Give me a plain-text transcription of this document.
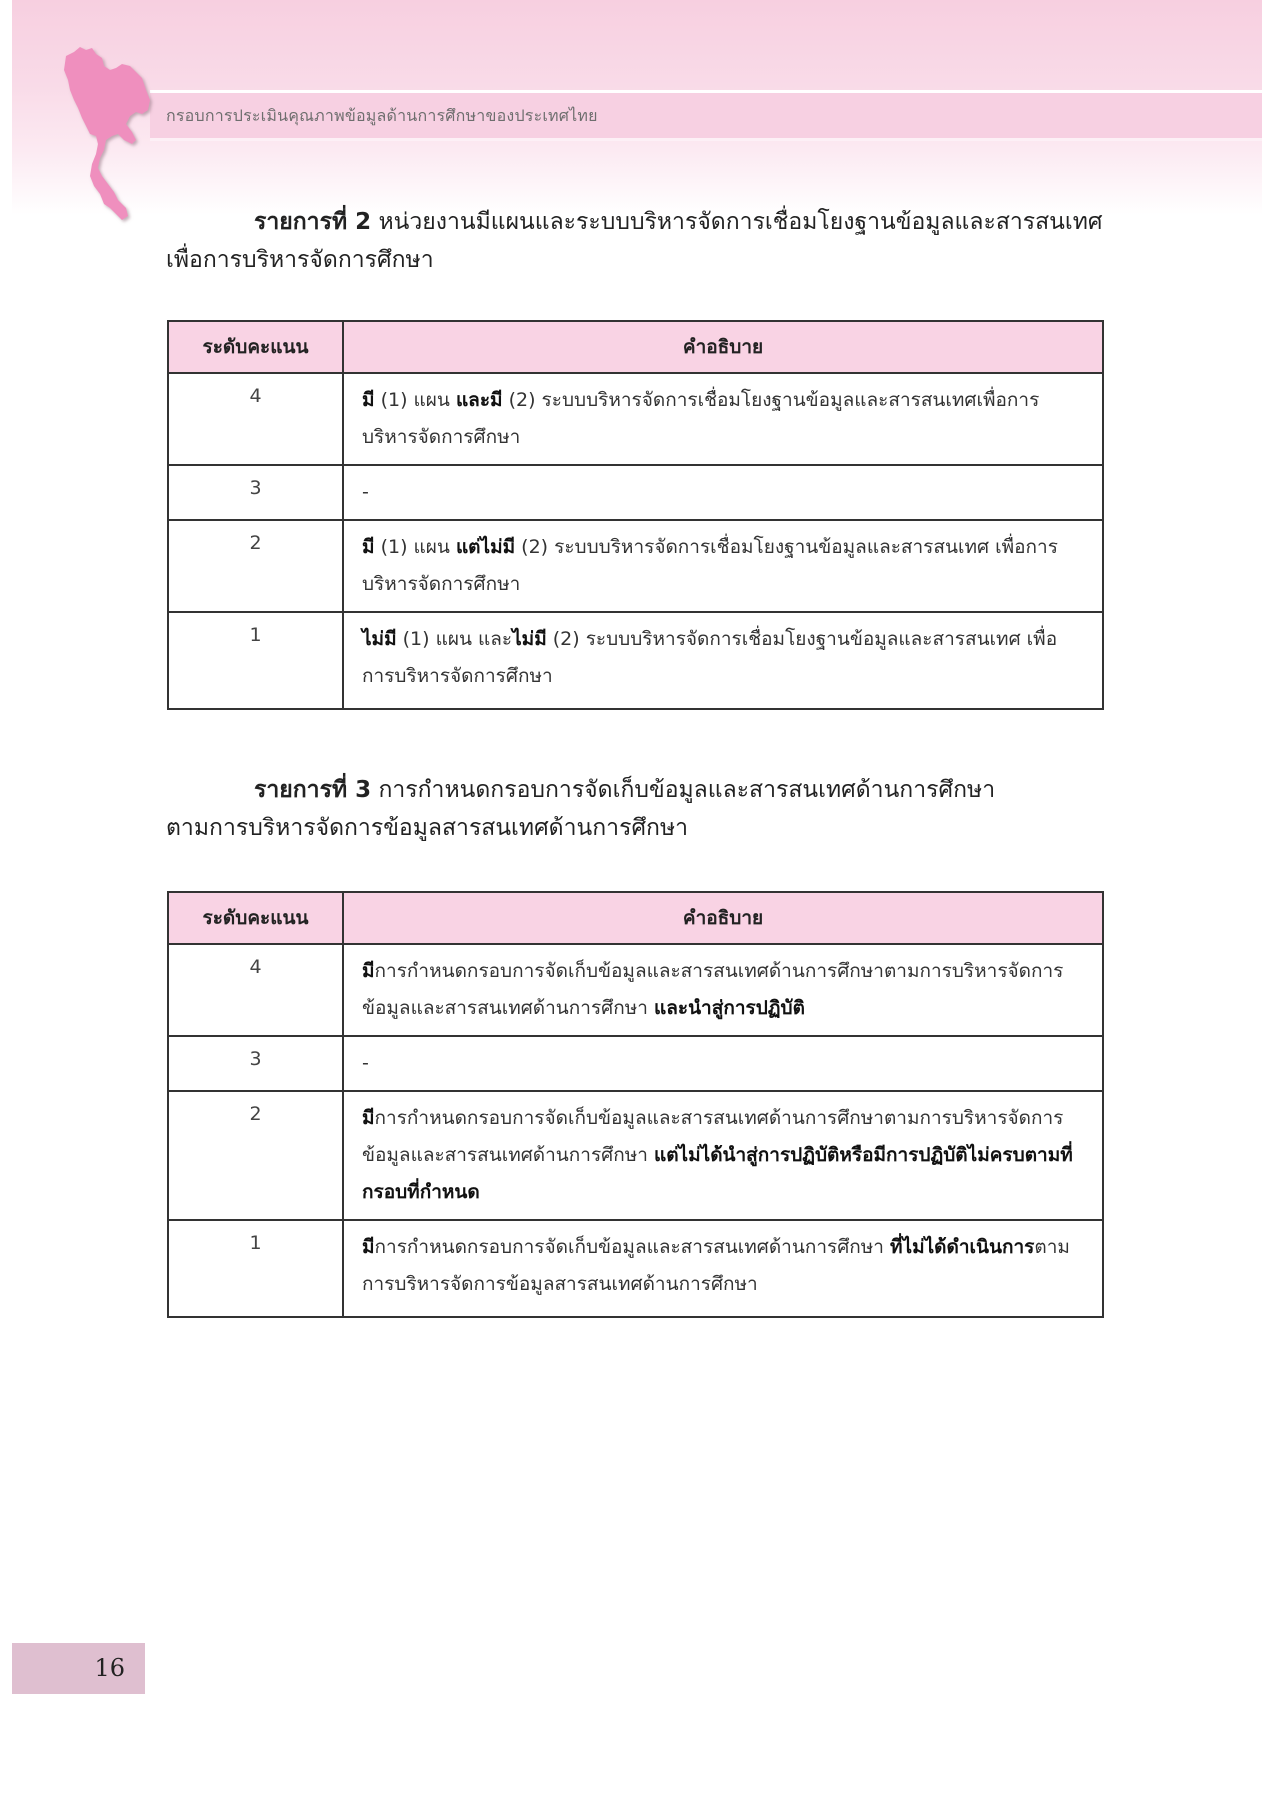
กรอบการประเมินคุณภาพข้อมูลด้านการศึกษาของประเทศไทย
รายการที่ 2 หน่วยงานมีแผนและระบบบริหารจัดการเชื่อมโยงฐานข้อมูลและสารสนเทศ
เพื่อการบริหารจัดการศึกษา
ระดับคะแนน	คำอธิบาย
4	มี (1) แผน และมี (2) ระบบบริหารจัดการเชื่อมโยงฐานข้อมูลและสารสนเทศเพื่อการบริหารจัดการศึกษา
3	-
2	มี (1) แผน แต่ไม่มี (2) ระบบบริหารจัดการเชื่อมโยงฐานข้อมูลและสารสนเทศ เพื่อการบริหารจัดการศึกษา
1	ไม่มี (1) แผน และไม่มี (2) ระบบบริหารจัดการเชื่อมโยงฐานข้อมูลและสารสนเทศ เพื่อการบริหารจัดการศึกษา
รายการที่ 3 การกำหนดกรอบการจัดเก็บข้อมูลและสารสนเทศด้านการศึกษา
ตามการบริหารจัดการข้อมูลสารสนเทศด้านการศึกษา
ระดับคะแนน	คำอธิบาย
4	มีการกำหนดกรอบการจัดเก็บข้อมูลและสารสนเทศด้านการศึกษาตามการบริหารจัดการข้อมูลและสารสนเทศด้านการศึกษา และนำสู่การปฏิบัติ
3	-
2	มีการกำหนดกรอบการจัดเก็บข้อมูลและสารสนเทศด้านการศึกษาตามการบริหารจัดการข้อมูลและสารสนเทศด้านการศึกษา แต่ไม่ได้นำสู่การปฏิบัติหรือมีการปฏิบัติไม่ครบตามที่กรอบที่กำหนด
1	มีการกำหนดกรอบการจัดเก็บข้อมูลและสารสนเทศด้านการศึกษา ที่ไม่ได้ดำเนินการตามการบริหารจัดการข้อมูลสารสนเทศด้านการศึกษา
16
